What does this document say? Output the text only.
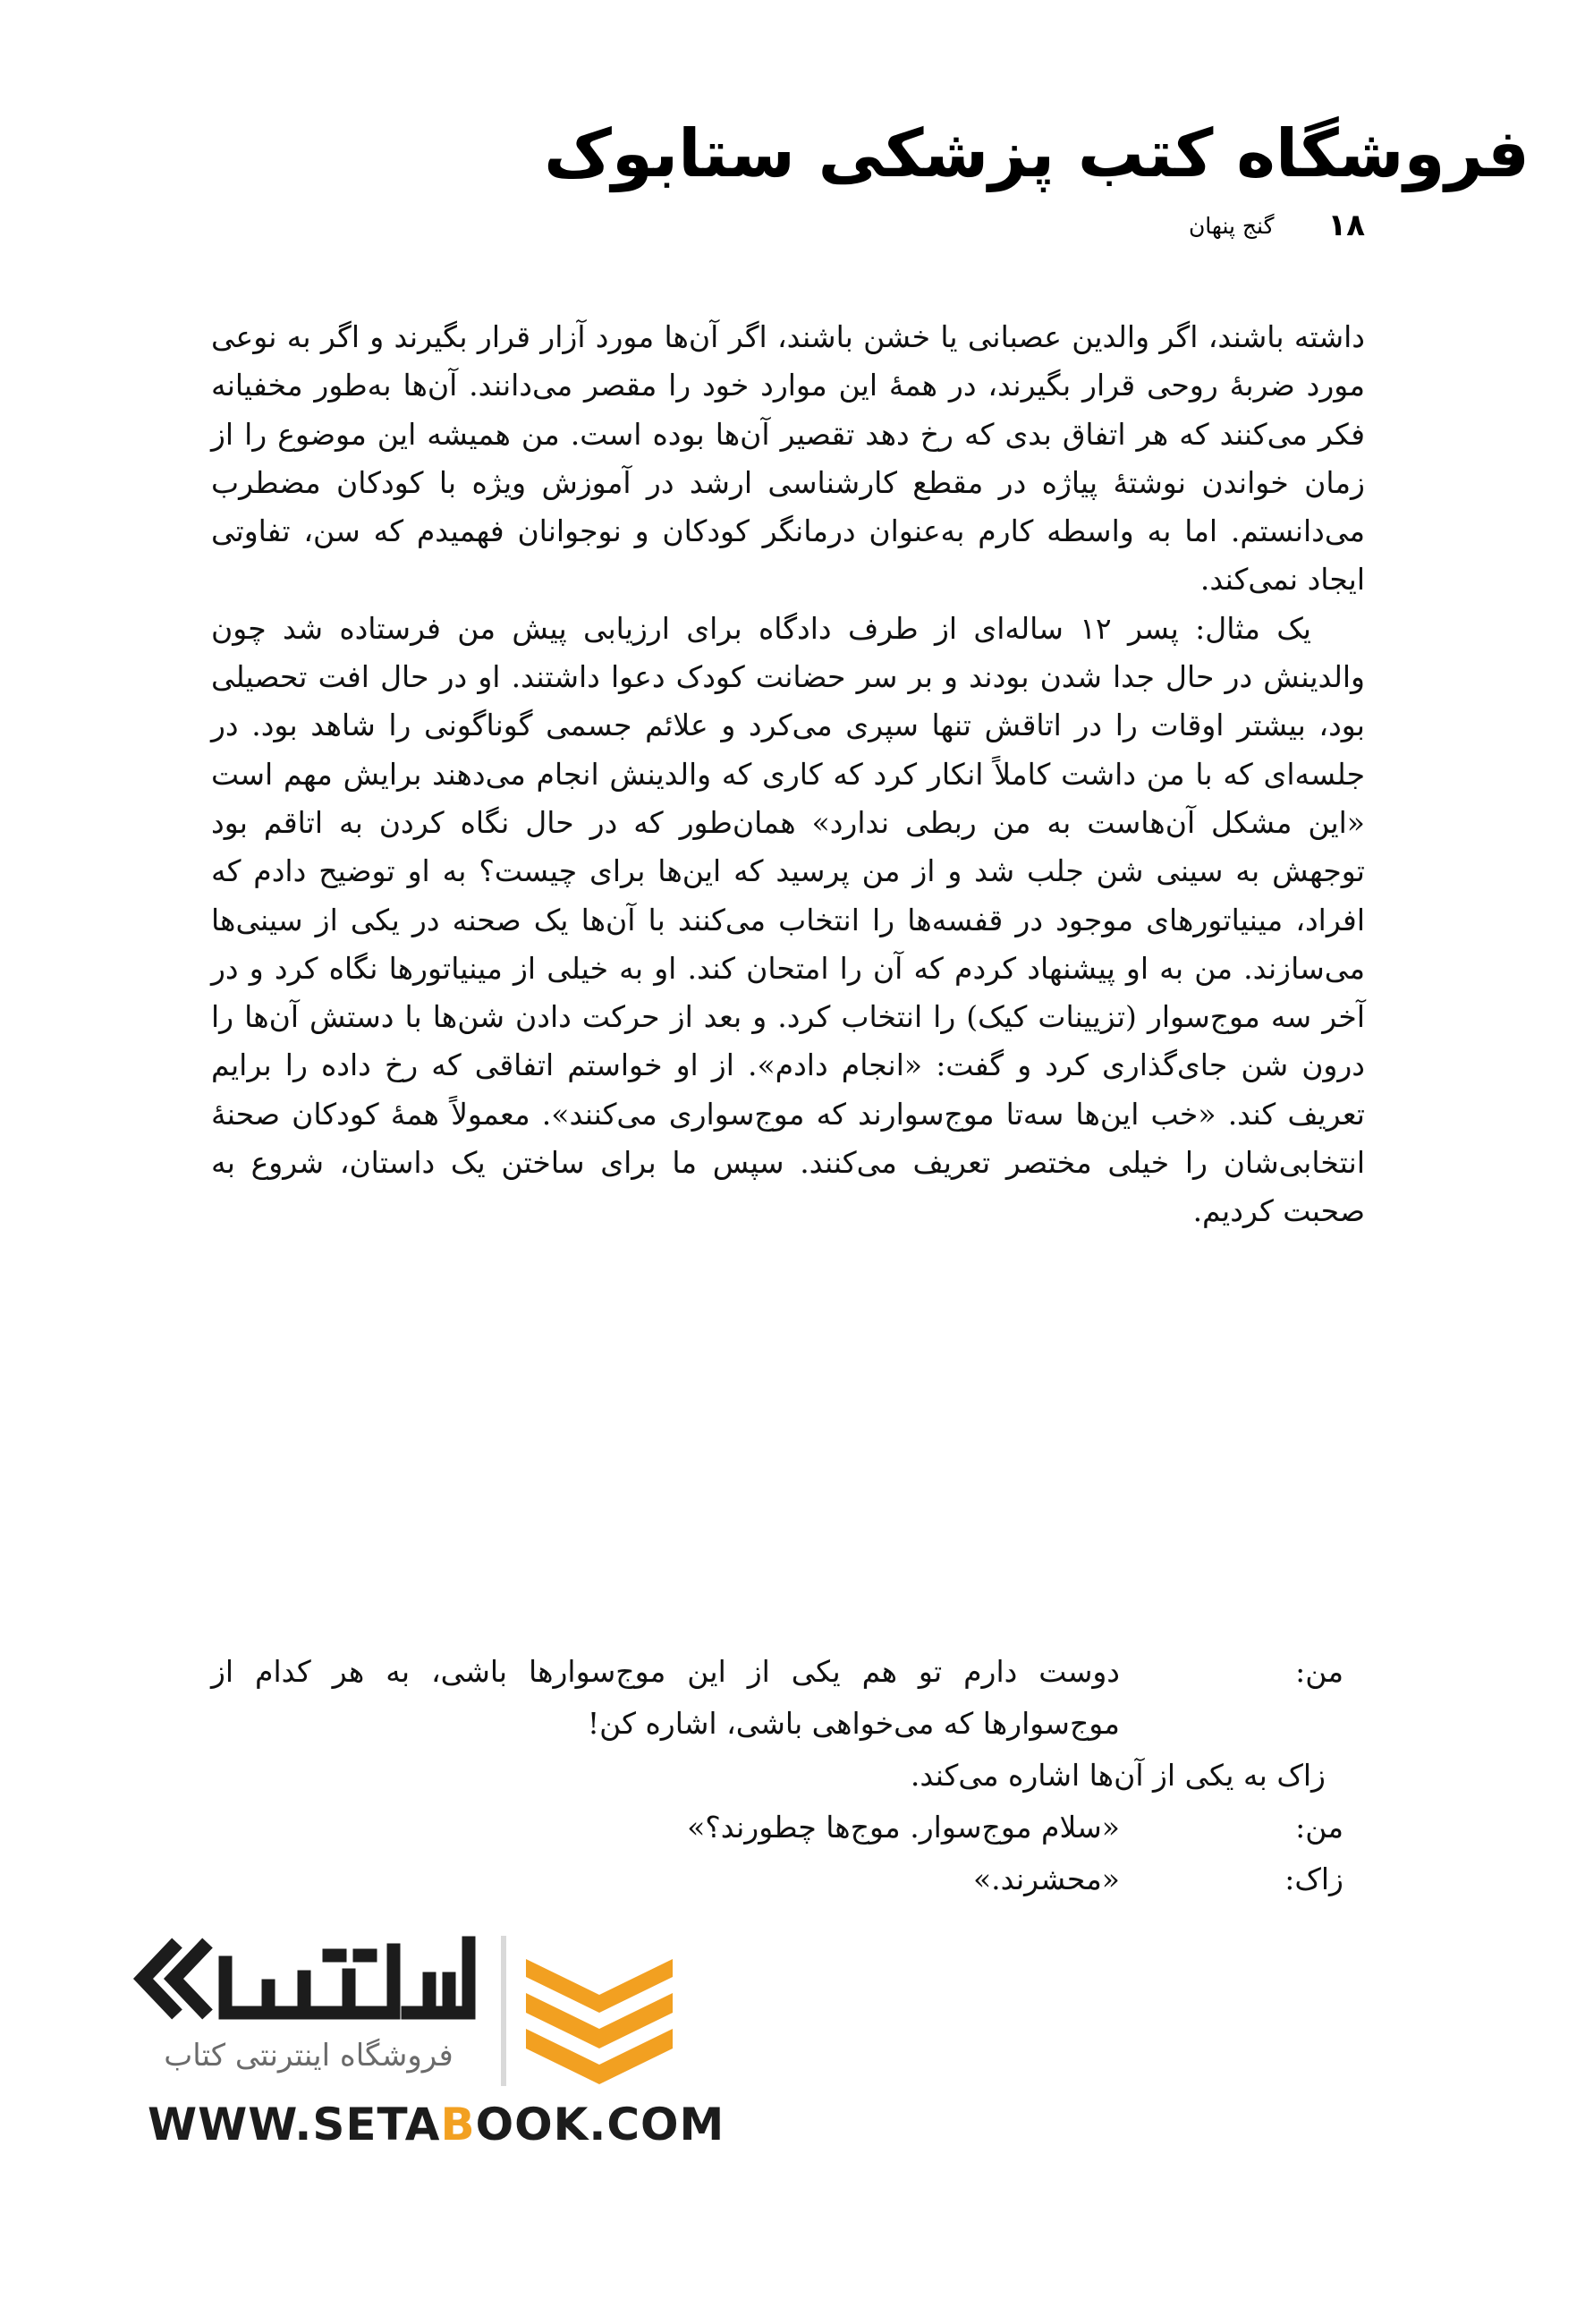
فروشگاه کتب پزشکی ستابوک
۱۸
گنج پنهان

داشته باشند، اگر والدین عصبانی یا خشن باشند، اگر آن‌ها مورد آزار قرار بگیرند و اگر به نوعی مورد ضربهٔ روحی قرار بگیرند، در همهٔ این موارد خود را مقصر می‌دانند. آن‌ها به‌طور مخفیانه فکر می‌کنند که هر اتفاق بدی که رخ دهد تقصیر آن‌ها بوده است. من همیشه این موضوع را از زمان خواندن نوشتهٔ پیاژه در مقطع کارشناسی ارشد در آموزش ویژه با کودکان مضطرب می‌دانستم. اما به واسطه کارم به‌عنوان درمانگر کودکان و نوجوانان فهمیدم که سن، تفاوتی ایجاد نمی‌کند.

یک مثال: پسر ۱۲ ساله‌ای از طرف دادگاه برای ارزیابی پیش من فرستاده شد چون والدینش در حال جدا شدن بودند و بر سر حضانت کودک دعوا داشتند. او در حال افت تحصیلی بود، بیشتر اوقات را در اتاقش تنها سپری می‌کرد و علائم جسمی گوناگونی را شاهد بود. در جلسه‌ای که با من داشت کاملاً انکار کرد که کاری که والدینش انجام می‌دهند برایش مهم است «این مشکل آن‌هاست به من ربطی ندارد» همان‌طور که در حال نگاه کردن به اتاقم بود توجهش به سینی شن جلب شد و از من پرسید که این‌ها برای چیست؟ به او توضیح دادم که افراد، مینیاتورهای موجود در قفسه‌ها را انتخاب می‌کنند با آن‌ها یک صحنه در یکی از سینی‌ها می‌سازند. من به او پیشنهاد کردم که آن را امتحان کند. او به خیلی از مینیاتورها نگاه کرد و در آخر سه موج‌سوار (تزیینات کیک) را انتخاب کرد. و بعد از حرکت دادن شن‌ها با دستش آن‌ها را درون شن جای‌گذاری کرد و گفت: «انجام دادم». از او خواستم اتفاقی که رخ داده را برایم تعریف کند. «خب این‌ها سه‌تا موج‌سوارند که موج‌سواری می‌کنند». معمولاً همهٔ کودکان صحنهٔ انتخابی‌شان را خیلی مختصر تعریف می‌کنند. سپس ما برای ساختن یک داستان، شروع به صحبت کردیم.

من:
دوست دارم تو هم یکی از این موج‌سوارها باشی، به هر کدام از موج‌سوارها که می‌خواهی باشی، اشاره کن!
زاک به یکی از آن‌ها اشاره می‌کند.
من:
«سلام موج‌سوار. موج‌ها چطورند؟»
زاک:
«محشرند.»
فروشگاه اینترنتی کتاب
WWW.SETABOOK.COM
